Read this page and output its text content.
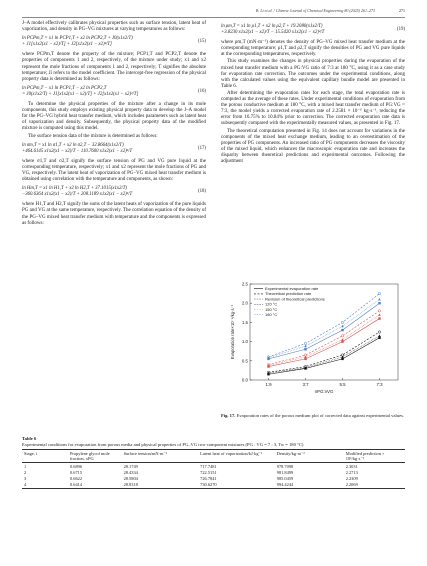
B. Li et al. / Chinese Journal of Chemical Engineering 80 (2025) 261–273	271

J–A model effectively calibrates physical properties such as surface tension, latent heat of vaporization, and density in PG–VG mixtures at varying temperatures as follows:

ln PCPm,T = x1 ln PCP1,T + x2 ln PCP2,T + J0(x1x2/T)
+ J1[x1x2(x1 − x2)/T] + J2[x1x2(x1 − x2)²/T]
(15)

where PCPm,T denote the property of the mixture; PCP1,T and PCP2,T denote the properties of components 1 and 2, respectively, of the mixture under study; x1 and x2 represent the mole fractions of components 1 and 2, respectively; T signifies the absolute temperature; Ji refers to the model coefficient. The intercept-free regression of the physical property data is determined as follows:

ln PCPm,T − x1 ln PCP1,T − x2 ln PCP2,T
= J0(x1x2/T) + J1[x1x2(x1 − x2)/T] + J2[x1x2(x1 − x2)²/T]
(16)

To determine the physical properties of the mixture after a change in its mole components, this study employs existing physical property data to develop the J–A model for the PG–VG hybrid heat transfer medium, which includes parameters such as latent heat of vaporization and density. Subsequently, the physical property data of the modified mixture is computed using this model.

The surface tension data of the mixture is determined as follows:

ln σm,T = x1 ln σ1,T + x2 ln σ2,T − 32.8664(x1x2/T)
+464.6145 x1x2(x1 − x2)/T − 110.7600 x1x2(x1 − x2)²/T
(17)

where σ1,T and σ2,T signify the surface tension of PG and VG pure liquid at the corresponding temperature, respectively; x1 and x2 represent the mole fractions of PG and VG, respectively. The latent heat of vaporization of PG–VG mixed heat transfer medium is obtained using correlation with the temperature and components, as shown:

ln Hm,T = x1 ln H1,T + x2 ln H2,T + 37.1015(x1x2/T)
−360.6364 x1x2(x1 − x2)/T + 208.1189 x1x2(x1 − x2)²/T
(18)

where H1,T and H2,T signify the sums of the latent heats of vaporization of the pure liquids PG and VG at the same temperature, respectively. The correlation equation of the density of the PG–VG mixed heat transfer medium with temperature and the components is expressed as follows:

ln ρm,T = x1 ln ρ1,T + x2 ln ρ2,T + 19.2080(x1x2/T)
+3.8230 x1x2(x1 − x2)/T − 15.5420 x1x2(x1 − x2)²/T
(19)

where ρm,T (mN·m⁻¹) denotes the density of PG–VG mixed heat transfer medium at the corresponding temperature; ρ1,T and ρ2,T signify the densities of PG and VG pure liquids at the corresponding temperatures, respectively.

This study examines the changes in physical properties during the evaporation of the mixed heat transfer medium with a PG:VG ratio of 7:3 at 180 °C, using it as a case study for evaporation rate correction. The outcomes under the experimental conditions, along with the calculated values using the equivalent capillary bundle model are presented in Table 6.

After determining the evaporation rates for each stage, the total evaporation rate is computed as the average of these rates. Under experimental conditions of evaporation from the porous conductive medium at 180 °C, with a mixed heat transfer medium of PG:VG = 7:3, the model yields a corrected evaporation rate of 2.2581 × 10⁻⁶ kg·s⁻¹, reducing the error from 16.75% to 10.84% prior to correction. The corrected evaporation rate data is subsequently compared with the experimentally measured values, as presented in Fig. 17.

The theoretical computation presented in Fig. 14 does not account for variations in the components of the mixed heat exchange medium, leading to an overestimation of the properties of PG components. An increased ratio of PG components decreases the viscosity of the mixed liquid, which enhances the macroscopic evaporation rate and increases the disparity between theoretical predictions and experimental outcomes. Following the adjustment

0.0
0.5
1.0
1.5
2.0
2.5
1:9	3:7	5:5	7:3
nPG:nVG
Evaporation rate×10⁻⁶/kg·s⁻¹
Experimental evaporation rate
Theoretical prediction rate
Revision of theoretical predictions
120 °C
150 °C
180 °C
Fig. 17. Evaporation rates of the porous medium plot of corrected data against experimental values.
Table 6
Experimental conditions for evaporation from porous media and physical properties of PG–VG two-component mixtures (PG : VG = 7 : 3, Tw = 180 °C)
Stage, i	Propylene glycol mole fraction, xPG	Surface tension/mN·m⁻¹	Latent heat of vaporization/kJ·kg⁻¹	Density/kg·m⁻³	Modified prediction × 10⁶/kg·s⁻¹
1	0.6896	28.1749	717.7481	978.7098	2.3031
2	0.6715	28.4334	722.5151	981.8499	2.2713
3	0.6622	28.5804	726.7841	985.0459	2.2309
4	0.6414	28.8318	730.6270	994.4244	2.2069
